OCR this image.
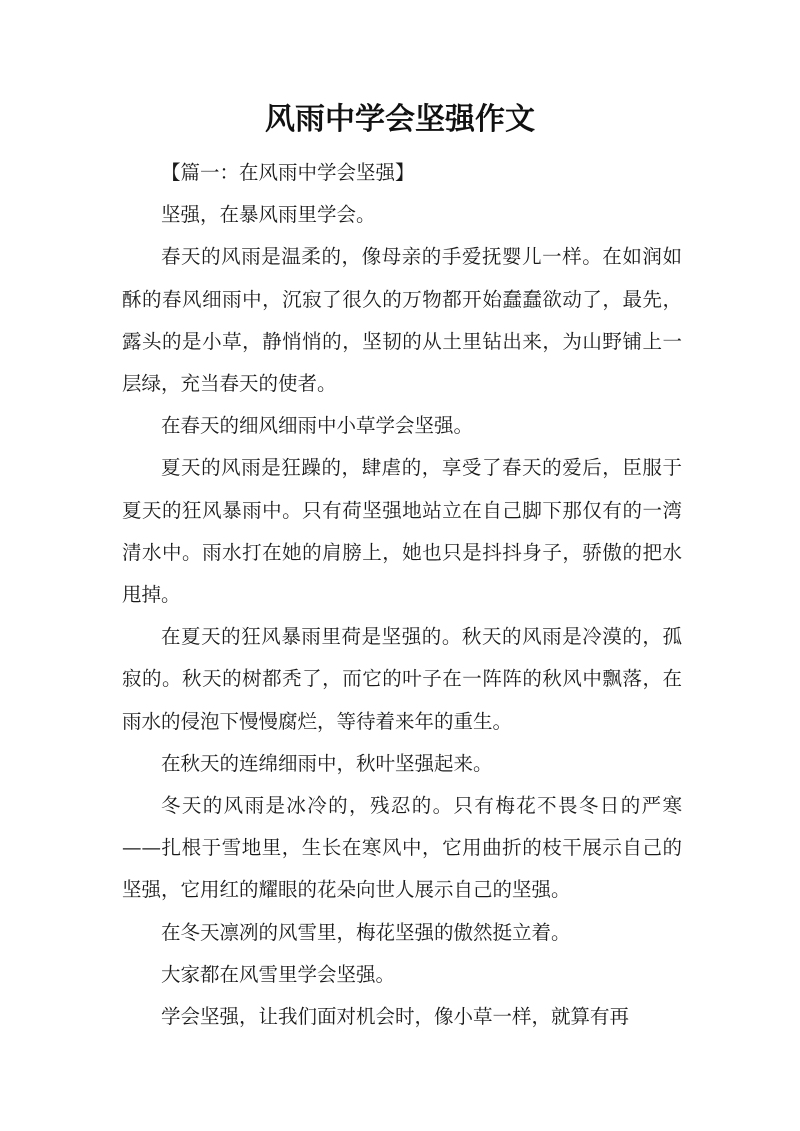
风雨中学会坚强作文

【篇一：在风雨中学会坚强】

坚强，在暴风雨里学会。

春天的风雨是温柔的，像母亲的手爱抚婴儿一样。在如润如酥的春风细雨中，沉寂了很久的万物都开始蠢蠢欲动了，最先，露头的是小草，静悄悄的，坚韧的从土里钻出来，为山野铺上一层绿，充当春天的使者。

在春天的细风细雨中小草学会坚强。

夏天的风雨是狂躁的，肆虐的，享受了春天的爱后，臣服于夏天的狂风暴雨中。只有荷坚强地站立在自己脚下那仅有的一湾清水中。雨水打在她的肩膀上，她也只是抖抖身子，骄傲的把水甩掉。

在夏天的狂风暴雨里荷是坚强的。秋天的风雨是冷漠的，孤寂的。秋天的树都秃了，而它的叶子在一阵阵的秋风中飘落，在雨水的侵泡下慢慢腐烂，等待着来年的重生。

在秋天的连绵细雨中，秋叶坚强起来。

冬天的风雨是冰冷的，残忍的。只有梅花不畏冬日的严寒——扎根于雪地里，生长在寒风中，它用曲折的枝干展示自己的坚强，它用红的耀眼的花朵向世人展示自己的坚强。

在冬天凛冽的风雪里，梅花坚强的傲然挺立着。

大家都在风雪里学会坚强。

学会坚强，让我们面对机会时，像小草一样，就算有再
